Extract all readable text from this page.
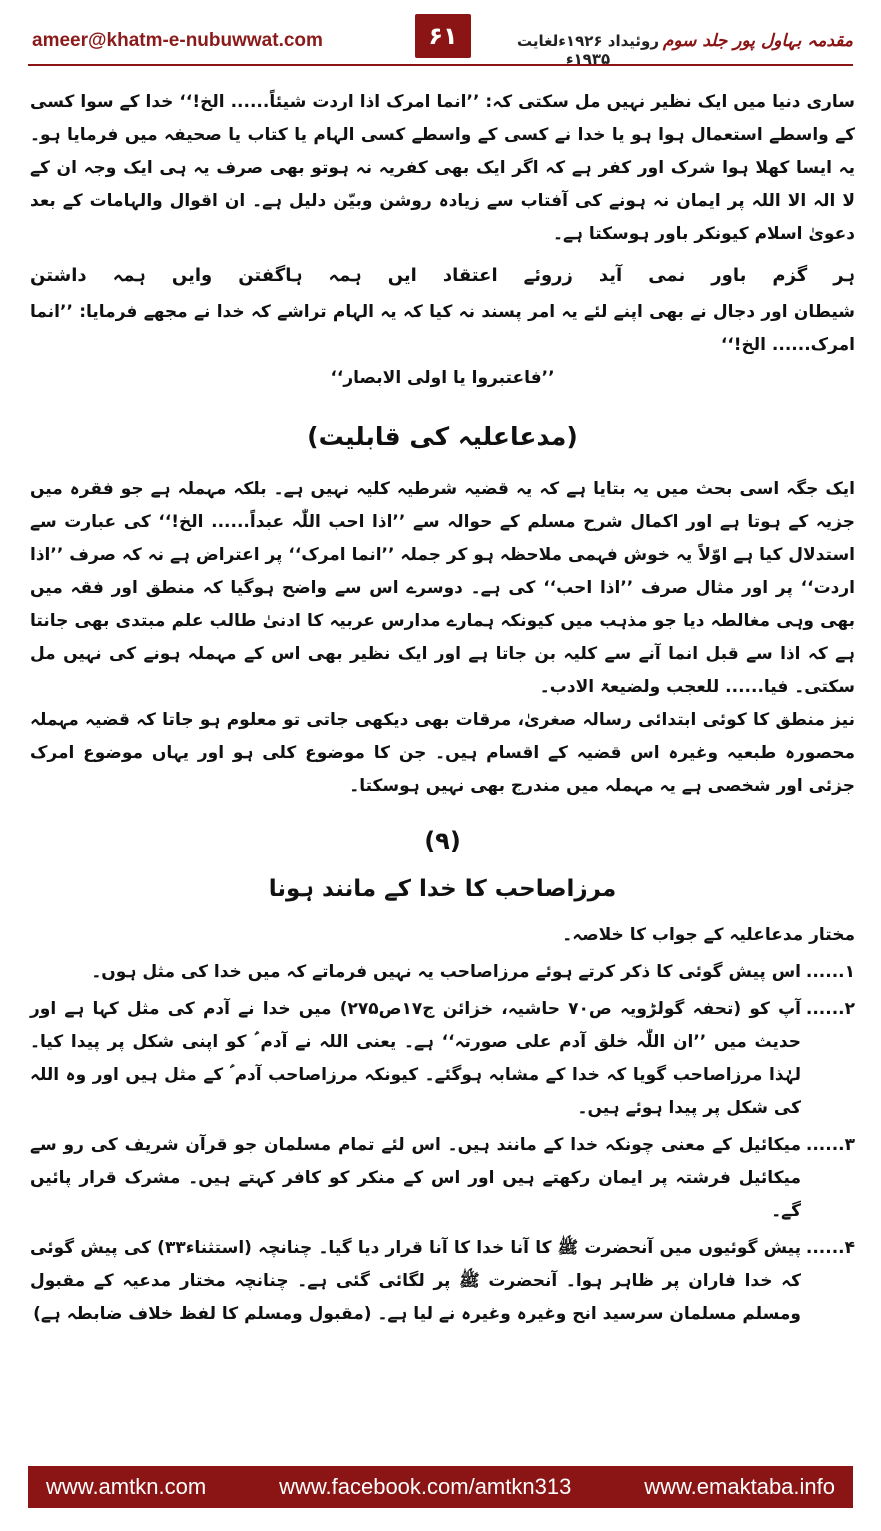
ameer@khatm-e-nubuwwat.com	۶۱	روئیداد ۱۹۲۶ءلغایت ۱۹۳۵ء
مقدمہ بہاول پور جلد سوم

ساری دنیا میں ایک نظیر نہیں مل سکتی کہ: ’’انما امرک اذا اردت شیئاً...... الخ!‘‘ خدا کے سوا کسی کے واسطے استعمال ہوا ہو یا خدا نے کسی کے واسطے کسی الہام یا کتاب یا صحیفہ میں فرمایا ہو۔ یہ ایسا کھلا ہوا شرک اور کفر ہے کہ اگر ایک بھی کفریہ نہ ہوتو بھی صرف یہ ہی ایک وجہ ان کے لا الہ الا اللہ پر ایمان نہ ہونے کی آفتاب سے زیادہ روشن وبیّن دلیل ہے۔ ان اقوال والہامات کے بعد دعویٰ اسلام کیونکر باور ہوسکتا ہے۔

ہر
گزم
باور
نمی
آید
زروئے
اعتقاد
ایں
ہمہ
ہاگفتن
وایں
ہمہ
داشتن

شیطان اور دجال نے بھی اپنے لئے یہ امر پسند نہ کیا کہ یہ الہام تراشے کہ خدا نے مجھے فرمایا: ’’انما امرک...... الخ!‘‘

’’فاعتبروا یا اولی الابصار‘‘

(مدعاعلیہ کی قابلیت)

ایک جگہ اسی بحث میں یہ بتایا ہے کہ یہ قضیہ شرطیہ کلیہ نہیں ہے۔ بلکہ مہملہ ہے جو فقرہ میں جزیہ کے ہوتا ہے اور اکمال شرح مسلم کے حوالہ سے ’’اذا احب اللّٰہ عبداً...... الخ!‘‘ کی عبارت سے استدلال کیا ہے اوّلاً یہ خوش فہمی ملاحظہ ہو کر جملہ ’’انما امرک‘‘ پر اعتراض ہے نہ کہ صرف ’’اذا اردت‘‘ پر اور مثال صرف ’’اذا احب‘‘ کی ہے۔ دوسرے اس سے واضح ہوگیا کہ منطق اور فقہ میں بھی وہی مغالطہ دیا جو مذہب میں کیونکہ ہمارے مدارس عربیہ کا ادنیٰ طالب علم مبتدی بھی جانتا ہے کہ اذا سے قبل انما آنے سے کلیہ بن جاتا ہے اور ایک نظیر بھی اس کے مہملہ ہونے کی نہیں مل سکتی۔ فیا...... للعجب ولضیعۃ الادب۔

نیز منطق کا کوئی ابتدائی رسالہ صغریٰ، مرقات بھی دیکھی جاتی تو معلوم ہو جاتا کہ قضیہ مہملہ محصورہ طبعیہ وغیرہ اس قضیہ کے اقسام ہیں۔ جن کا موضوع کلی ہو اور یہاں موضوع امرک جزئی اور شخصی ہے یہ مہملہ میں مندرج بھی نہیں ہوسکتا۔

(۹)
مرزاصاحب کا خدا کے مانند ہونا

مختار مدعاعلیہ کے جواب کا خلاصہ۔

۱......
اس پیش گوئی کا ذکر کرتے ہوئے مرزاصاحب یہ نہیں فرماتے کہ میں خدا کی مثل ہوں۔
۲......
آپ کو (تحفہ گولڑویہ ص۷۰ حاشیہ، خزائن ج۱۷ص۲۷۵) میں خدا نے آدم کی مثل کہا ہے اور حدیث میں ’’ان اللّٰہ خلق آدم علی صورتہ‘‘ ہے۔ یعنی اللہ نے آدم ؑ کو اپنی شکل پر پیدا کیا۔ لہٰذا مرزاصاحب گویا کہ خدا کے مشابہ ہوگئے۔ کیونکہ مرزاصاحب آدم ؑ کے مثل ہیں اور وہ اللہ کی شکل پر پیدا ہوئے ہیں۔
۳......
میکائیل کے معنی چونکہ خدا کے مانند ہیں۔ اس لئے تمام مسلمان جو قرآن شریف کی رو سے میکائیل فرشتہ پر ایمان رکھتے ہیں اور اس کے منکر کو کافر کہتے ہیں۔ مشرک قرار پائیں گے۔
۴......
پیش گوئیوں میں آنحضرت ﷺ کا آنا خدا کا آنا قرار دیا گیا۔ چنانچہ (استثناء۳۳) کی پیش گوئی کہ خدا فاران پر ظاہر ہوا۔ آنحضرت ﷺ پر لگائی گئی ہے۔ چنانچہ مختار مدعیہ کے مقبول ومسلم مسلمان سرسید انح وغیرہ وغیرہ نے لیا ہے۔ (مقبول ومسلم کا لفظ خلاف ضابطہ ہے)
www.amtkn.com	www.facebook.com/amtkn313	www.emaktaba.info
